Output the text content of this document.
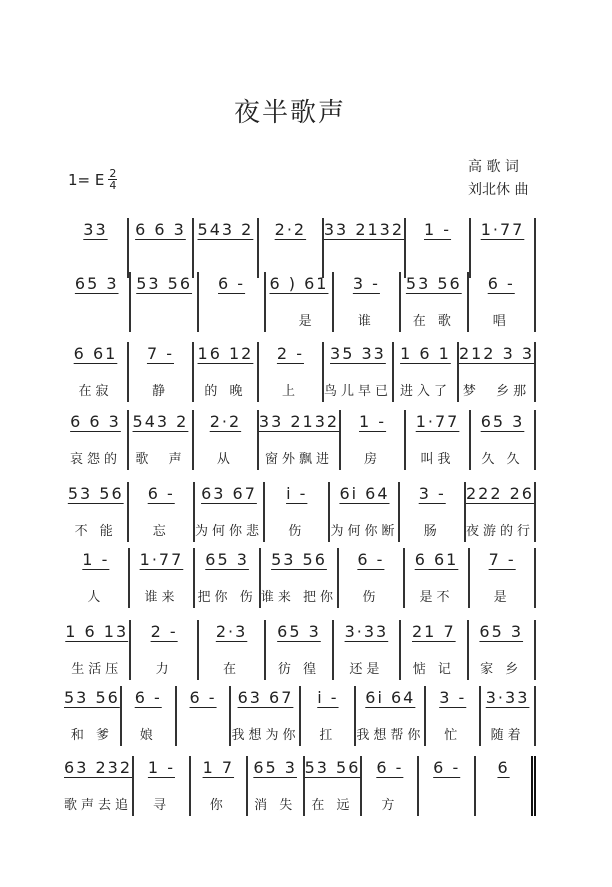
夜半歌声
1= E $\frac{2}{4}$
高 歌 词
刘北休 曲
33 6 6 3 543 2 2·2 33 2132 1 - 1·77
65 3 53 56 6 - 6 ) 61
是
3 -
谁
53 56
在 歌
6 -
唱
6 61
在寂
7 -
静
16 12
的 晚
2 -
上
35 33
鸟儿早已
1 6 1
进入了
212 3 3
梦  乡那
6 6 3
哀怨的
543 2
歌  声
2·2
从
33 2132
窗外飘进
1 -
房
1·77
叫我
65 3
久 久
53 56
不 能
6 -
忘
63 67
为何你悲
i -
伤
6i 64
为何你断
3 -
肠
222 26
夜游的行
1 -
人
1·77
谁来
65 3
把你 伤
53 56
谁来 把你
6 -
伤
6 61
是不
7 -
是
1 6 13
生活压
2 -
力
2·3
在
65 3
彷 徨
3·33
还是
21 7
惦 记
65 3
家 乡
53 56
和 爹
6 -
娘
6 - 63 67
我想为你
i -
扛
6i 64
我想帮你
3 -
忙
3·33
随着
63 232
歌声去追
1 -
寻
1 7
你
65 3
消 失
53 56
在 远
6 -
方
6 - 6
